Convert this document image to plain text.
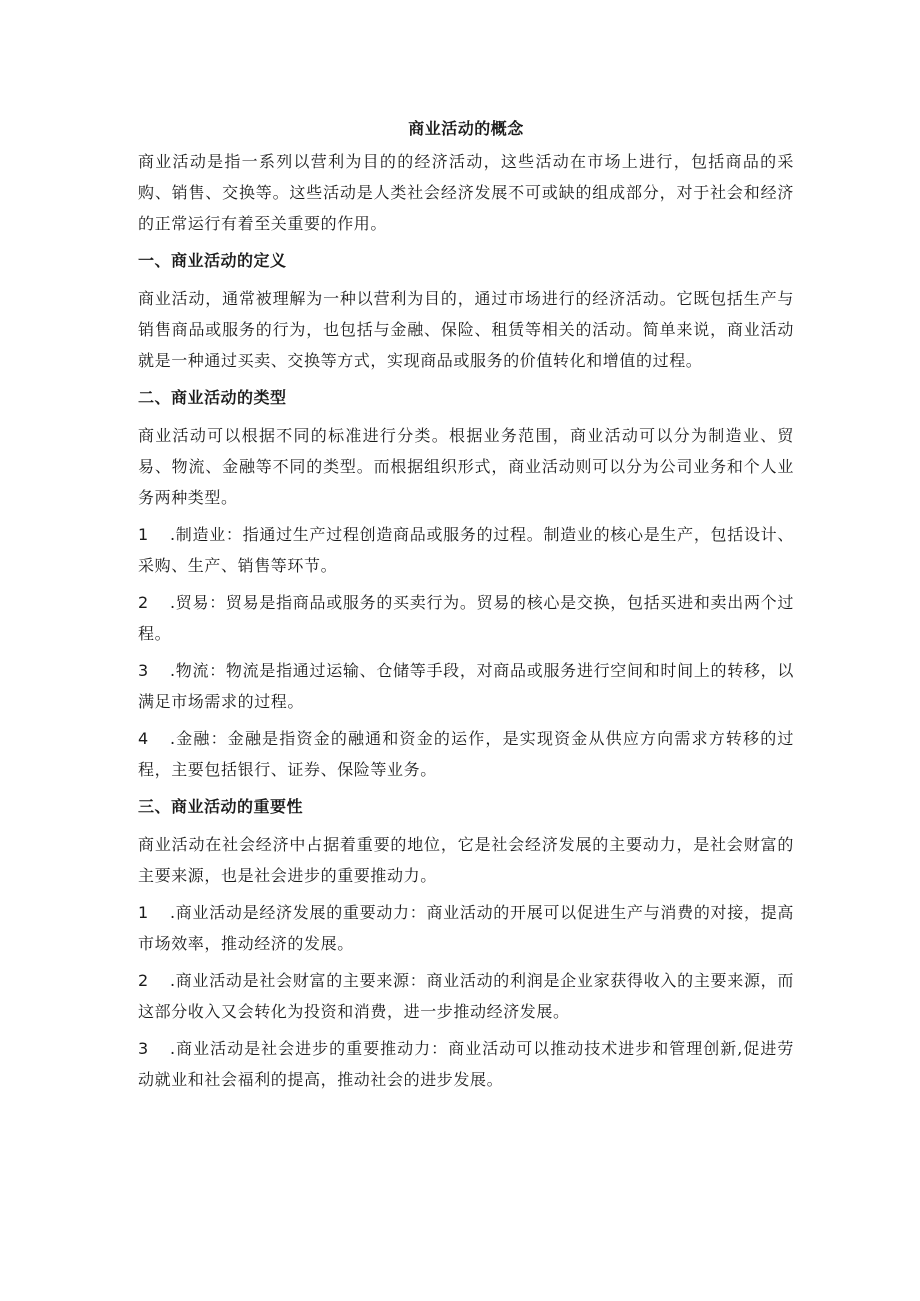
商业活动的概念

商业活动是指一系列以营利为目的的经济活动，这些活动在市场上进行，包括商品的采购、销售、交换等。这些活动是人类社会经济发展不可或缺的组成部分，对于社会和经济的正常运行有着至关重要的作用。

一、商业活动的定义

商业活动，通常被理解为一种以营利为目的，通过市场进行的经济活动。它既包括生产与销售商品或服务的行为，也包括与金融、保险、租赁等相关的活动。简单来说，商业活动就是一种通过买卖、交换等方式，实现商品或服务的价值转化和增值的过程。

二、商业活动的类型

商业活动可以根据不同的标准进行分类。根据业务范围，商业活动可以分为制造业、贸易、物流、金融等不同的类型。而根据组织形式，商业活动则可以分为公司业务和个人业务两种类型。

1 .制造业：指通过生产过程创造商品或服务的过程。制造业的核心是生产，包括设计、采购、生产、销售等环节。

2 .贸易：贸易是指商品或服务的买卖行为。贸易的核心是交换，包括买进和卖出两个过程。

3 .物流：物流是指通过运输、仓储等手段，对商品或服务进行空间和时间上的转移，以满足市场需求的过程。

4 .金融：金融是指资金的融通和资金的运作，是实现资金从供应方向需求方转移的过程，主要包括银行、证券、保险等业务。

三、商业活动的重要性

商业活动在社会经济中占据着重要的地位，它是社会经济发展的主要动力，是社会财富的主要来源，也是社会进步的重要推动力。

1 .商业活动是经济发展的重要动力：商业活动的开展可以促进生产与消费的对接，提高市场效率，推动经济的发展。

2 .商业活动是社会财富的主要来源：商业活动的利润是企业家获得收入的主要来源，而这部分收入又会转化为投资和消费，进一步推动经济发展。

3 .商业活动是社会进步的重要推动力：商业活动可以推动技术进步和管理创新,促进劳动就业和社会福利的提高，推动社会的进步发展。
